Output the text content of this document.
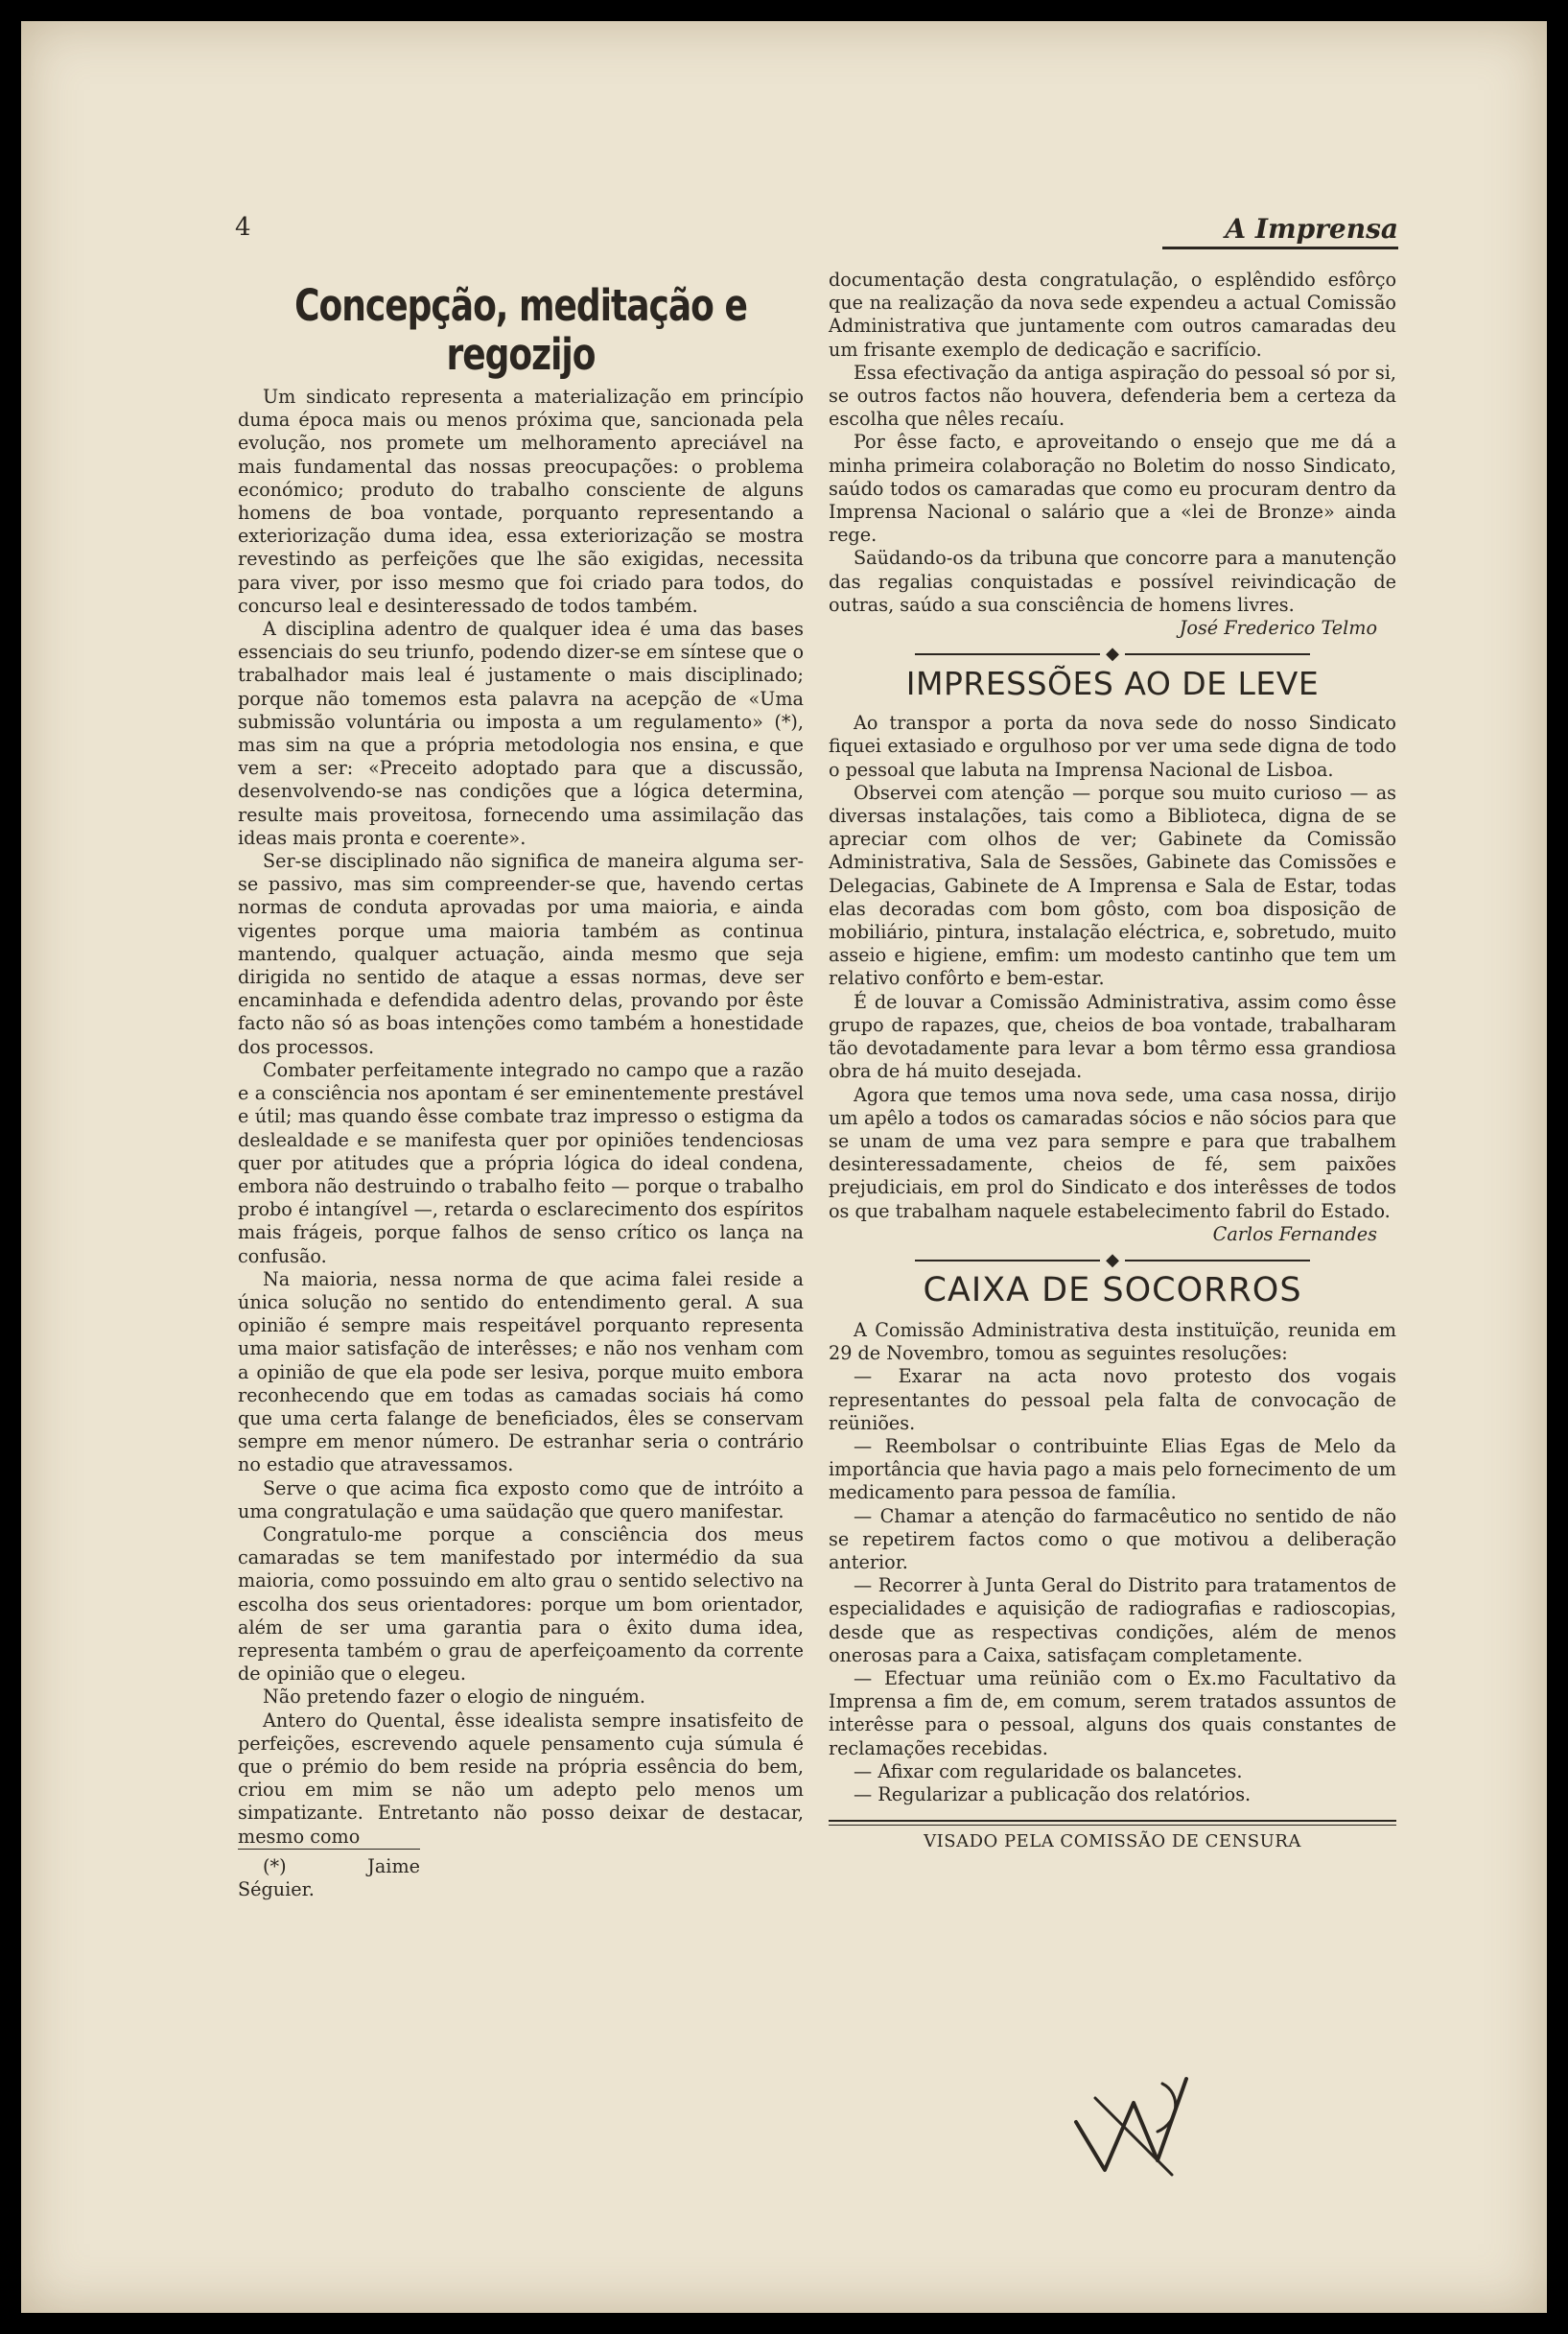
4	A Imprensa
Concepção, meditação e regozijo

Um sindicato representa a materialização em princípio duma época mais ou menos próxima que, sancionada pela evolução, nos promete um melhoramento apreciável na mais fundamental das nossas preocupações: o problema económico; produto do trabalho consciente de alguns homens de boa vontade, porquanto representando a exteriorização duma idea, essa exteriorização se mostra revestindo as perfeições que lhe são exigidas, necessita para viver, por isso mesmo que foi criado para todos, do concurso leal e desinteressado de todos também.

A disciplina adentro de qualquer idea é uma das bases essenciais do seu triunfo, podendo dizer-se em síntese que o trabalhador mais leal é justamente o mais disciplinado; porque não tomemos esta palavra na acepção de «Uma submissão voluntária ou imposta a um regulamento» (*), mas sim na que a própria metodologia nos ensina, e que vem a ser: «Preceito adoptado para que a discussão, desenvolvendo-se nas condições que a lógica determina, resulte mais proveitosa, fornecendo uma assimilação das ideas mais pronta e coerente».

Ser-se disciplinado não significa de maneira alguma ser-se passivo, mas sim compreender-se que, havendo certas normas de conduta aprovadas por uma maioria, e ainda vigentes porque uma maioria também as continua mantendo, qualquer actuação, ainda mesmo que seja dirigida no sentido de ataque a essas normas, deve ser encaminhada e defendida adentro delas, provando por êste facto não só as boas intenções como também a honestidade dos processos.

Combater perfeitamente integrado no campo que a razão e a consciência nos apontam é ser eminentemente prestável e útil; mas quando êsse combate traz impresso o estigma da deslealdade e se manifesta quer por opiniões tendenciosas quer por atitudes que a própria lógica do ideal condena, embora não destruindo o trabalho feito — porque o trabalho probo é intangível —, retarda o esclarecimento dos espíritos mais frágeis, porque falhos de senso crítico os lança na confusão.

Na maioria, nessa norma de que acima falei reside a única solução no sentido do entendimento geral. A sua opinião é sempre mais respeitável porquanto representa uma maior satisfação de interêsses; e não nos venham com a opinião de que ela pode ser lesiva, porque muito embora reconhecendo que em todas as camadas sociais há como que uma certa falange de beneficiados, êles se conservam sempre em menor número. De estranhar seria o contrário no estadio que atravessamos.

Serve o que acima fica exposto como que de intróito a uma congratulação e uma saüdação que quero manifestar.

Congratulo-me porque a consciência dos meus camaradas se tem manifestado por intermédio da sua maioria, como possuindo em alto grau o sentido selectivo na escolha dos seus orientadores: porque um bom orientador, além de ser uma garantia para o êxito duma idea, representa também o grau de aperfeiçoamento da corrente de opinião que o elegeu.

Não pretendo fazer o elogio de ninguém.

Antero do Quental, êsse idealista sempre insatisfeito de perfeições, escrevendo aquele pensamento cuja súmula é que o prémio do bem reside na própria essência do bem, criou em mim se não um adepto pelo menos um simpatizante. Entretanto não posso deixar de destacar, mesmo como

(*) Jaime Séguier.

documentação desta congratulação, o esplêndido esfôrço que na realização da nova sede expendeu a actual Comissão Administrativa que juntamente com outros camaradas deu um frisante exemplo de dedicação e sacrifício.

Essa efectivação da antiga aspiração do pessoal só por si, se outros factos não houvera, defenderia bem a certeza da escolha que nêles recaíu.

Por êsse facto, e aproveitando o ensejo que me dá a minha primeira colaboração no Boletim do nosso Sindicato, saúdo todos os camaradas que como eu procuram dentro da Imprensa Nacional o salário que a «lei de Bronze» ainda rege.

Saüdando-os da tribuna que concorre para a manutenção das regalias conquistadas e possível reivindicação de outras, saúdo a sua consciência de homens livres.

José Frederico Telmo

◆
IMPRESSÕES AO DE LEVE

Ao transpor a porta da nova sede do nosso Sindicato fiquei extasiado e orgulhoso por ver uma sede digna de todo o pessoal que labuta na Imprensa Nacional de Lisboa.

Observei com atenção — porque sou muito curioso — as diversas instalações, tais como a Biblioteca, digna de se apreciar com olhos de ver; Gabinete da Comissão Administrativa, Sala de Sessões, Gabinete das Comissões e Delegacias, Gabinete de A Imprensa e Sala de Estar, todas elas decoradas com bom gôsto, com boa disposição de mobiliário, pintura, instalação eléctrica, e, sobretudo, muito asseio e higiene, emfim: um modesto cantinho que tem um relativo confôrto e bem-estar.

É de louvar a Comissão Administrativa, assim como êsse grupo de rapazes, que, cheios de boa vontade, trabalharam tão devotadamente para levar a bom têrmo essa grandiosa obra de há muito desejada.

Agora que temos uma nova sede, uma casa nossa, dirijo um apêlo a todos os camaradas sócios e não sócios para que se unam de uma vez para sempre e para que trabalhem desinteressadamente, cheios de fé, sem paixões prejudiciais, em prol do Sindicato e dos interêsses de todos os que trabalham naquele estabelecimento fabril do Estado.

Carlos Fernandes

◆
CAIXA DE SOCORROS

A Comissão Administrativa desta instituïção, reunida em 29 de Novembro, tomou as seguintes resoluções:

— Exarar na acta novo protesto dos vogais representantes do pessoal pela falta de convocação de reüniões.

— Reembolsar o contribuinte Elias Egas de Melo da importância que havia pago a mais pelo fornecimento de um medicamento para pessoa de família.

— Chamar a atenção do farmacêutico no sentido de não se repetirem factos como o que motivou a deliberação anterior.

— Recorrer à Junta Geral do Distrito para tratamentos de especialidades e aquisição de radiografias e radioscopias, desde que as respectivas condições, além de menos onerosas para a Caixa, satisfaçam completamente.

— Efectuar uma reünião com o Ex.mo Facultativo da Imprensa a fim de, em comum, serem tratados assuntos de interêsse para o pessoal, alguns dos quais constantes de reclamações recebidas.

— Afixar com regularidade os balancetes.

— Regularizar a publicação dos relatórios.

VISADO PELA COMISSÃO DE CENSURA
